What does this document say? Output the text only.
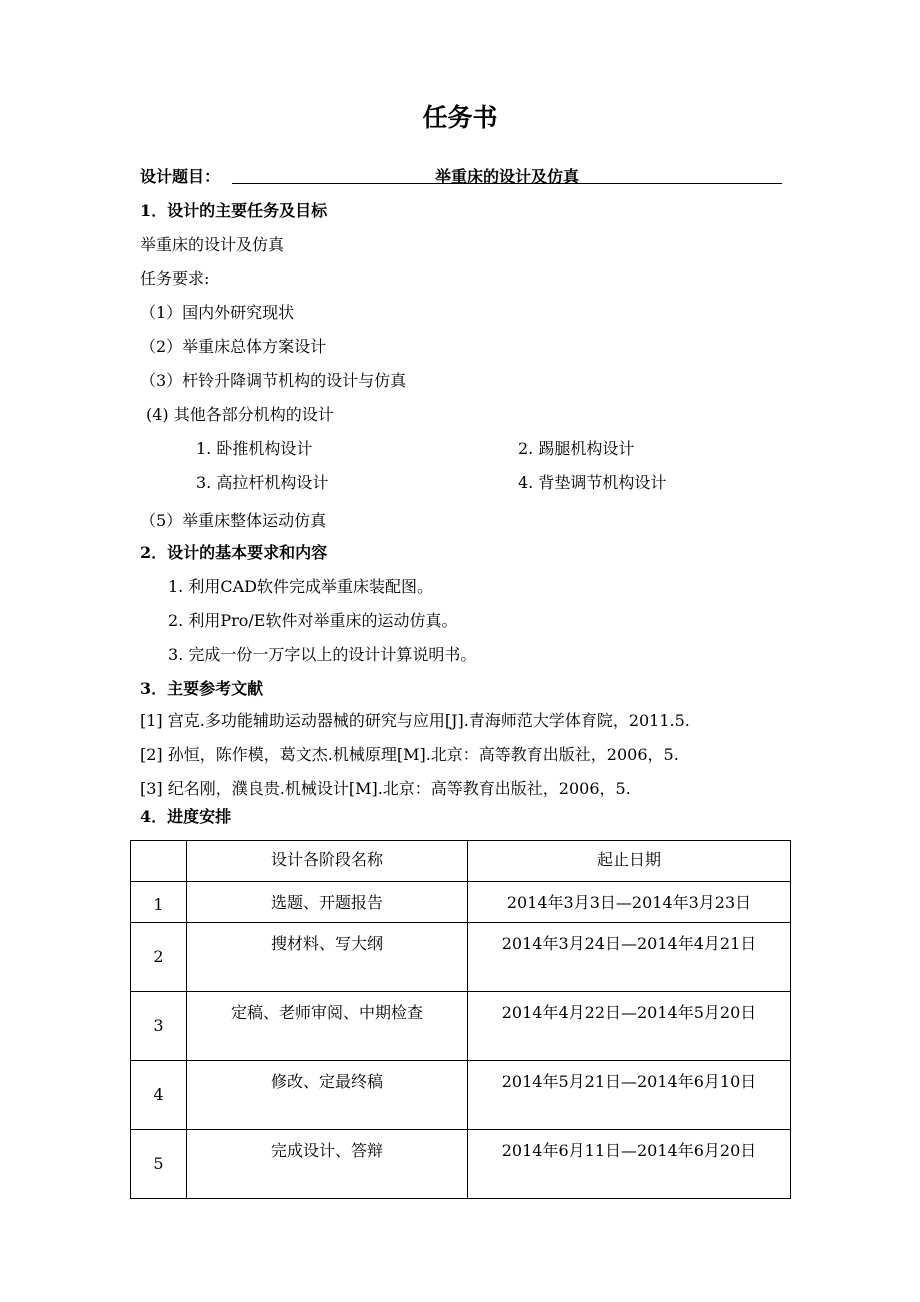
任务书
设计题目：	举重床的设计及仿真
1．设计的主要任务及目标
举重床的设计及仿真
任务要求:
（1）国内外研究现状
（2）举重床总体方案设计
（3）杆铃升降调节机构的设计与仿真
(4) 其他各部分机构的设计
1. 卧推机构设计	2. 踢腿机构设计
3. 高拉杆机构设计	4. 背垫调节机构设计
（5）举重床整体运动仿真
2．设计的基本要求和内容
1. 利用CAD软件完成举重床装配图。
2. 利用Pro/E软件对举重床的运动仿真。
3. 完成一份一万字以上的设计计算说明书。
3．主要参考文献
[1] 宫克.多功能辅助运动器械的研究与应用[J].青海师范大学体育院，2011.5.
[2] 孙恒，陈作模，葛文杰.机械原理[M].北京：高等教育出版社，2006，5.
[3] 纪名刚，濮良贵.机械设计[M].北京：高等教育出版社，2006，5.
4．进度安排
	设计各阶段名称	起止日期
1	选题、开题报告	2014年3月3日—2014年3月23日
2	搜材料、写大纲	2014年3月24日—2014年4月21日
3	定稿、老师审阅、中期检查	2014年4月22日—2014年5月20日
4	修改、定最终稿	2014年5月21日—2014年6月10日
5	完成设计、答辩	2014年6月11日—2014年6月20日
